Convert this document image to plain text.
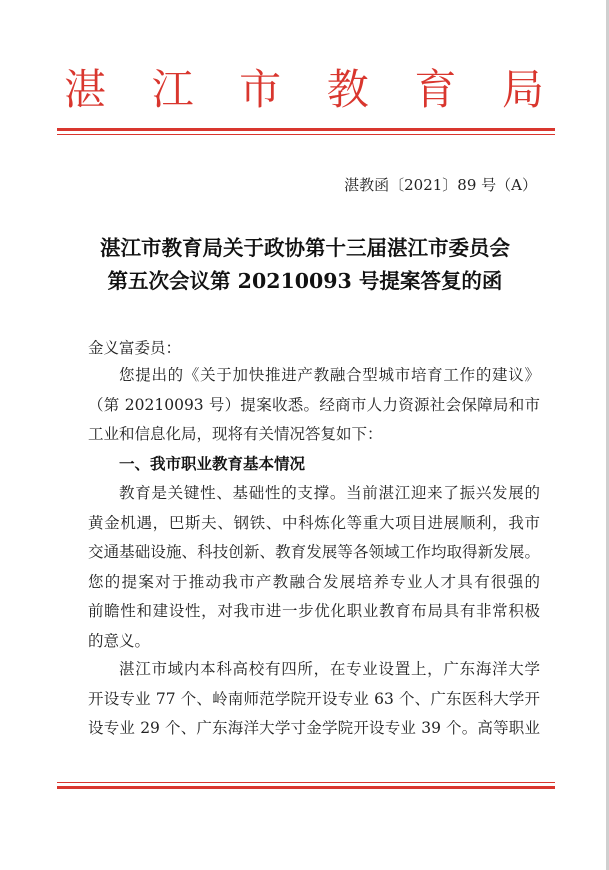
湛 江 市 教 育 局
湛教函〔2021〕89 号（A）
湛江市教育局关于政协第十三届湛江市委员会
第五次会议第 20210093 号提案答复的函
金义富委员：
您提出的《关于加快推进产教融合型城市培育工作的建议》
（第 20210093 号）提案收悉。经商市人力资源社会保障局和市
工业和信息化局，现将有关情况答复如下：
一、我市职业教育基本情况
教育是关键性、基础性的支撑。当前湛江迎来了振兴发展的
黄金机遇，巴斯夫、钢铁、中科炼化等重大项目进展顺利，我市
交通基础设施、科技创新、教育发展等各领域工作均取得新发展。
您的提案对于推动我市产教融合发展培养专业人才具有很强的
前瞻性和建设性，对我市进一步优化职业教育布局具有非常积极
的意义。
湛江市域内本科高校有四所，在专业设置上，广东海洋大学
开设专业 77 个、岭南师范学院开设专业 63 个、广东医科大学开
设专业 29 个、广东海洋大学寸金学院开设专业 39 个。高等职业
